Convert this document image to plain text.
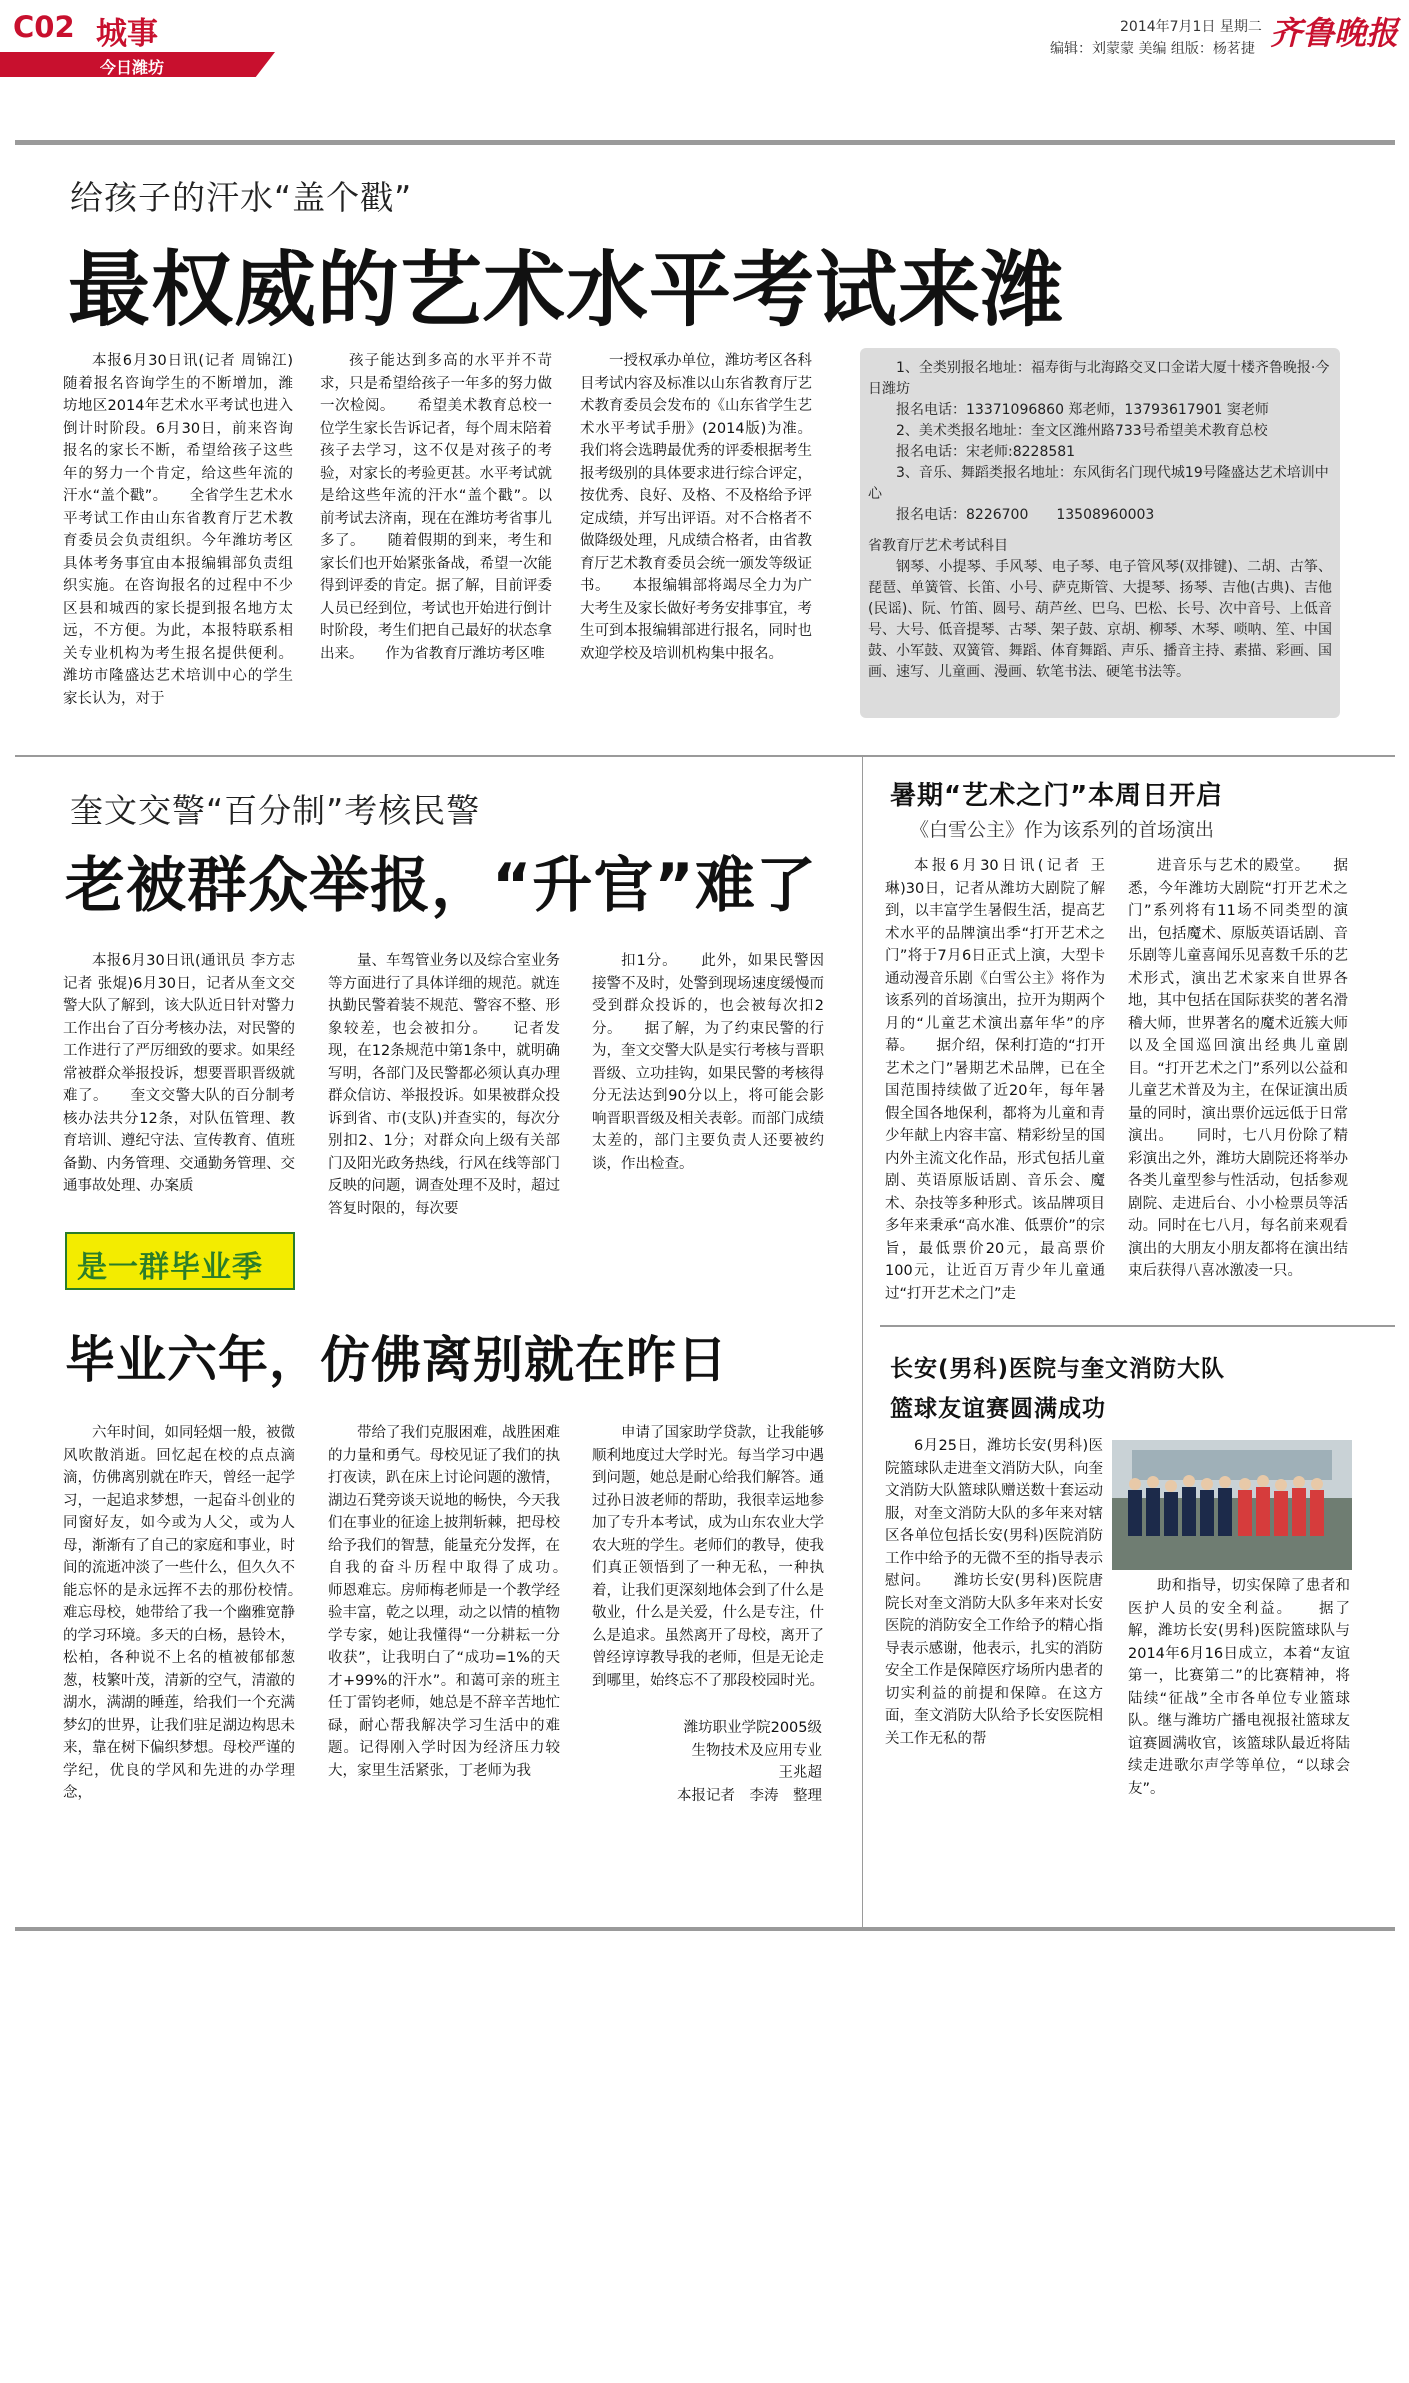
C02 城事
今日潍坊
2014年7月1日 星期二
编辑：刘蒙蒙 美编 组版：杨茗捷 齐鲁晚报
给孩子的汗水“盖个戳”
最权威的艺术水平考试来潍

本报6月30日讯(记者 周锦江)随着报名咨询学生的不断增加，潍坊地区2014年艺术水平考试也进入倒计时阶段。6月30日，前来咨询报名的家长不断，希望给孩子这些年的努力一个肯定，给这些年流的汗水“盖个戳”。　　全省学生艺术水平考试工作由山东省教育厅艺术教育委员会负责组织。今年潍坊考区具体考务事宜由本报编辑部负责组织实施。在咨询报名的过程中不少区县和城西的家长提到报名地方太远，不方便。为此，本报特联系相关专业机构为考生报名提供便利。潍坊市隆盛达艺术培训中心的学生家长认为，对于

孩子能达到多高的水平并不苛求，只是希望给孩子一年多的努力做一次检阅。　　希望美术教育总校一位学生家长告诉记者，每个周末陪着孩子去学习，这不仅是对孩子的考验，对家长的考验更甚。水平考试就是给这些年流的汗水“盖个戳”。以前考试去济南，现在在潍坊考省事儿多了。　　随着假期的到来，考生和家长们也开始紧张备战，希望一次能得到评委的肯定。据了解，目前评委人员已经到位，考试也开始进行倒计时阶段，考生们把自己最好的状态拿出来。　　作为省教育厅潍坊考区唯

一授权承办单位，潍坊考区各科目考试内容及标准以山东省教育厅艺术教育委员会发布的《山东省学生艺术水平考试手册》(2014版)为准。我们将会选聘最优秀的评委根据考生报考级别的具体要求进行综合评定，按优秀、良好、及格、不及格给予评定成绩，并写出评语。对不合格者不做降级处理，凡成绩合格者，由省教育厅艺术教育委员会统一颁发等级证书。　　本报编辑部将竭尽全力为广大考生及家长做好考务安排事宜，考生可到本报编辑部进行报名，同时也欢迎学校及培训机构集中报名。

1、全类别报名地址：福寿街与北海路交叉口金诺大厦十楼齐鲁晚报·今日潍坊

报名电话：13371096860 郑老师，13793617901 窦老师

2、美术类报名地址：奎文区潍州路733号希望美术教育总校

报名电话：宋老师:8228581

3、音乐、舞蹈类报名地址：东风街名门现代城19号隆盛达艺术培训中心

报名电话：8226700　　13508960003

省教育厅艺术考试科目

钢琴、小提琴、手风琴、电子琴、电子管风琴(双排键)、二胡、古筝、琵琶、单簧管、长笛、小号、萨克斯管、大提琴、扬琴、吉他(古典)、吉他(民谣)、阮、竹笛、圆号、葫芦丝、巴乌、巴松、长号、次中音号、上低音号、大号、低音提琴、古琴、架子鼓、京胡、柳琴、木琴、唢呐、笙、中国鼓、小军鼓、双簧管、舞蹈、体育舞蹈、声乐、播音主持、素描、彩画、国画、速写、儿童画、漫画、软笔书法、硬笔书法等。

奎文交警“百分制”考核民警
老被群众举报，“升官”难了

本报6月30日讯(通讯员 李方志 记者 张焜)6月30日，记者从奎文交警大队了解到，该大队近日针对警力工作出台了百分考核办法，对民警的工作进行了严厉细致的要求。如果经常被群众举报投诉，想要晋职晋级就难了。　　奎文交警大队的百分制考核办法共分12条，对队伍管理、教育培训、遵纪守法、宣传教育、值班备勤、内务管理、交通勤务管理、交通事故处理、办案质

量、车驾管业务以及综合室业务等方面进行了具体详细的规范。就连执勤民警着装不规范、警容不整、形象较差，也会被扣分。　　记者发现，在12条规范中第1条中，就明确写明，各部门及民警都必须认真办理群众信访、举报投诉。如果被群众投诉到省、市(支队)并查实的，每次分别扣2、1分；对群众向上级有关部门及阳光政务热线，行风在线等部门反映的问题，调查处理不及时，超过答复时限的，每次要

扣1分。　　此外，如果民警因接警不及时，处警到现场速度缓慢而受到群众投诉的，也会被每次扣2分。　　据了解，为了约束民警的行为，奎文交警大队是实行考核与晋职晋级、立功挂钩，如果民警的考核得分无法达到90分以上，将可能会影响晋职晋级及相关表彰。而部门成绩太差的，部门主要负责人还要被约谈，作出检查。

暑期“艺术之门”本周日开启
《白雪公主》作为该系列的首场演出

本报6月30日讯(记者 王琳)30日，记者从潍坊大剧院了解到，以丰富学生暑假生活，提高艺术水平的品牌演出季“打开艺术之门”将于7月6日正式上演，大型卡通动漫音乐剧《白雪公主》将作为该系列的首场演出，拉开为期两个月的“儿童艺术演出嘉年华”的序幕。　　据介绍，保利打造的“打开艺术之门”暑期艺术品牌，已在全国范围持续做了近20年，每年暑假全国各地保利，都将为儿童和青少年献上内容丰富、精彩纷呈的国内外主流文化作品，形式包括儿童剧、英语原版话剧、音乐会、魔术、杂技等多种形式。该品牌项目多年来秉承“高水准、低票价”的宗旨，最低票价20元，最高票价100元，让近百万青少年儿童通过“打开艺术之门”走

进音乐与艺术的殿堂。　　据悉，今年潍坊大剧院“打开艺术之门”系列将有11场不同类型的演出，包括魔术、原版英语话剧、音乐剧等儿童喜闻乐见喜数千乐的艺术形式，演出艺术家来自世界各地，其中包括在国际获奖的著名滑稽大师，世界著名的魔术近簇大师以及全国巡回演出经典儿童剧目。“打开艺术之门”系列以公益和儿童艺术普及为主，在保证演出质量的同时，演出票价远远低于日常演出。　　同时，七八月份除了精彩演出之外，潍坊大剧院还将举办各类儿童型参与性活动，包括参观剧院、走进后台、小小检票员等活动。同时在七八月，每名前来观看演出的大朋友小朋友都将在演出结束后获得八喜冰激凌一只。

是一群毕业季
毕业六年，仿佛离别就在昨日

六年时间，如同轻烟一般，被微风吹散消逝。回忆起在校的点点滴滴，仿佛离别就在昨天，曾经一起学习，一起追求梦想，一起奋斗创业的同窗好友，如今或为人父，或为人母，渐渐有了自己的家庭和事业，时间的流逝冲淡了一些什么，但久久不能忘怀的是永远挥不去的那份校情。　　难忘母校，她带给了我一个幽雅宽静的学习环境。多天的白杨，悬铃木，松柏，各种说不上名的植被郁郁葱葱，枝繁叶茂，清新的空气，清澈的湖水，满湖的睡莲，给我们一个充满梦幻的世界，让我们驻足湖边构思未来，靠在树下偏织梦想。母校严谨的学纪，优良的学风和先进的办学理念，

带给了我们克服困难，战胜困难的力量和勇气。母校见证了我们的执打夜读，趴在床上讨论问题的激情，湖边石凳旁谈天说地的畅快，今天我们在事业的征途上披荆斩棘，把母校给予我们的智慧，能量充分发挥，在自我的奋斗历程中取得了成功。　　师恩难忘。房师梅老师是一个教学经验丰富，乾之以理，动之以情的植物学专家，她让我懂得“一分耕耘一分收获”，让我明白了“成功=1%的天才+99%的汗水”。和蔼可亲的班主任丁雷钧老师，她总是不辞辛苦地忙碌，耐心帮我解决学习生活中的难题。记得刚入学时因为经济压力较大，家里生活紧张，丁老师为我

申请了国家助学贷款，让我能够顺利地度过大学时光。每当学习中遇到问题，她总是耐心给我们解答。通过孙日波老师的帮助，我很幸运地参加了专升本考试，成为山东农业大学农大班的学生。老师们的教导，使我们真正领悟到了一种无私，一种执着，让我们更深刻地体会到了什么是敬业，什么是关爱，什么是专注，什么是追求。虽然离开了母校，离开了曾经谆谆教导我的老师，但是无论走到哪里，始终忘不了那段校园时光。

潍坊职业学院2005级
生物技术及应用专业
王兆超
本报记者　李涛　整理
长安(男科)医院与奎文消防大队
篮球友谊赛圆满成功

6月25日，潍坊长安(男科)医院篮球队走进奎文消防大队，向奎文消防大队篮球队赠送数十套运动服，对奎文消防大队的多年来对辖区各单位包括长安(男科)医院消防工作中给予的无微不至的指导表示慰问。　　潍坊长安(男科)医院唐院长对奎文消防大队多年来对长安医院的消防安全工作给予的精心指导表示感谢，他表示，扎实的消防安全工作是保障医疗场所内患者的切实利益的前提和保障。在这方面，奎文消防大队给予长安医院相关工作无私的帮

助和指导，切实保障了患者和医护人员的安全利益。　　据了解，潍坊长安(男科)医院篮球队与2014年6月16日成立，本着“友谊第一，比赛第二”的比赛精神，将陆续“征战”全市各单位专业篮球队。继与潍坊广播电视报社篮球友谊赛圆满收官，该篮球队最近将陆续走进歌尔声学等单位，“以球会友”。
